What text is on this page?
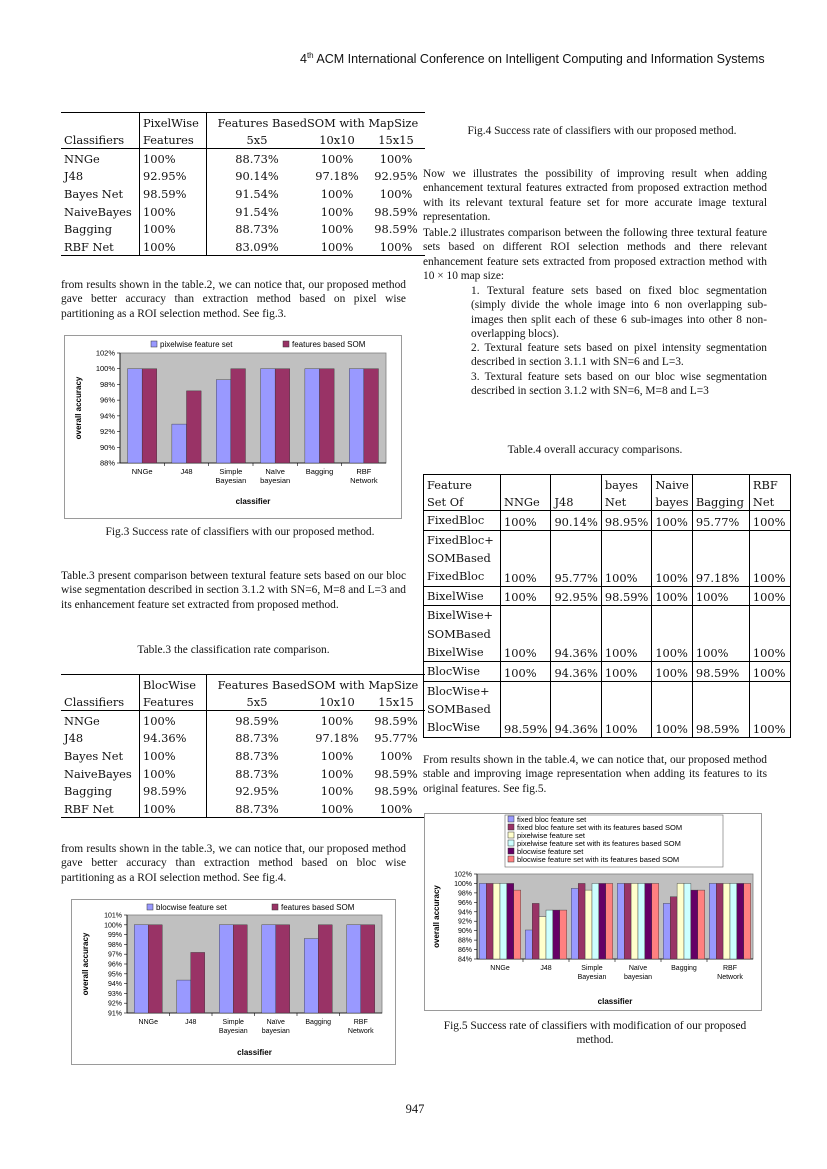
4th ACM International Conference on Intelligent Computing and Information Systems
	PixelWise	Features Based	SOM with MapSize	
Classifiers	Features	5x5	10x10	15x15
NNGe	100%	88.73%	100%	100%
J48	92.95%	90.14%	97.18%	92.95%
Bayes Net	98.59%	91.54%	100%	100%
NaiveBayes	100%	91.54%	100%	98.59%
Bagging	100%	88.73%	100%	98.59%
RBF Net	100%	83.09%	100%	100%
from results shown in the table.2, we can notice that, our proposed method gave better accuracy than extraction method based on pixel wise partitioning as a ROI selection method. See fig.3.
pixelwise feature set	features based SOM
88%
90%
92%
94%
96%
98%
100%
102%
overall accuracy
NNGe	J48	Simple
Bayesian
Naïve
bayesian
Bagging	RBF
Network
classifier
Fig.3 Success rate of classifiers with our proposed method.
Table.3 present comparison between textural feature sets based on our bloc wise segmentation described in section 3.1.2 with SN=6, M=8 and L=3 and its enhancement feature set extracted from proposed method.
Table.3 the classification rate comparison.
	BlocWise	Features Based	SOM with MapSize	
Classifiers	Features	5x5	10x10	15x15
NNGe	100%	98.59%	100%	98.59%
J48	94.36%	88.73%	97.18%	95.77%
Bayes Net	100%	88.73%	100%	100%
NaiveBayes	100%	88.73%	100%	98.59%
Bagging	98.59%	92.95%	100%	98.59%
RBF Net	100%	88.73%	100%	100%
from results shown in the table.3, we can notice that, our proposed method gave better accuracy than extraction method based on bloc wise partitioning as a ROI selection method. See fig.4.
blocwise feature set	features based SOM
91%
92%
93%
94%
95%
96%
97%
98%
99%
100%
101%
overall accuracy
NNGe	J48	Simple
Bayesian
Naïve
bayesian
Bagging	RBF
Network
classifier
Fig.4 Success rate of classifiers with our proposed method.
Now we illustrates the possibility of improving result when adding enhancement textural features extracted from proposed extraction method with its relevant textural feature set for more accurate image textural representation.
Table.2 illustrates comparison between the following three textural feature sets based on different ROI selection methods and there relevant enhancement feature sets extracted from proposed extraction method with 10 × 10 map size:
1. Textural feature sets based on fixed bloc segmentation (simply divide the whole image into 6 non overlapping sub-images then split each of these 6 sub-images into other 8 non-overlapping blocs).
2. Textural feature sets based on pixel intensity segmentation described in section 3.1.1 with SN=6 and L=3.
3. Textural feature sets based on our bloc wise segmentation described in section 3.1.2 with SN=6, M=8 and L=3
Table.4 overall accuracy comparisons.
Feature			bayes	Naive		RBF
Set Of	NNGe	J48	Net	bayes	Bagging	Net

FixedBloc	100%	90.14%	98.95%	100%	95.77%	100%

FixedBloc+
SOMBased
FixedBloc	100%	95.77%	100%	100%	97.18%	100%

BixelWise	100%	92.95%	98.59%	100%	100%	100%

BixelWise+
SOMBased
BixelWise	100%	94.36%	100%	100%	100%	100%

BlocWise	100%	94.36%	100%	100%	98.59%	100%

BlocWise+
SOMBased
BlocWise	98.59%	94.36%	100%	100%	98.59%	100%
From results shown in the table.4, we can notice that, our proposed method stable and improving image representation when adding its features to its original features. See fig.5.
fixed bloc feature set
fixed bloc feature set with its features based SOM
pixelwise feature set
pixelwise feature set with its features based SOM
blocwise feature set
blocwise feature set with its features based SOM
84%
86%
88%
90%
92%
94%
96%
98%
100%
102%
overall accuracy
NNGe	J48	Simple
Bayesian
Naïve
bayesian
Bagging	RBF
Network
classifier
Fig.5 Success rate of classifiers with modification of our proposed method.
947
